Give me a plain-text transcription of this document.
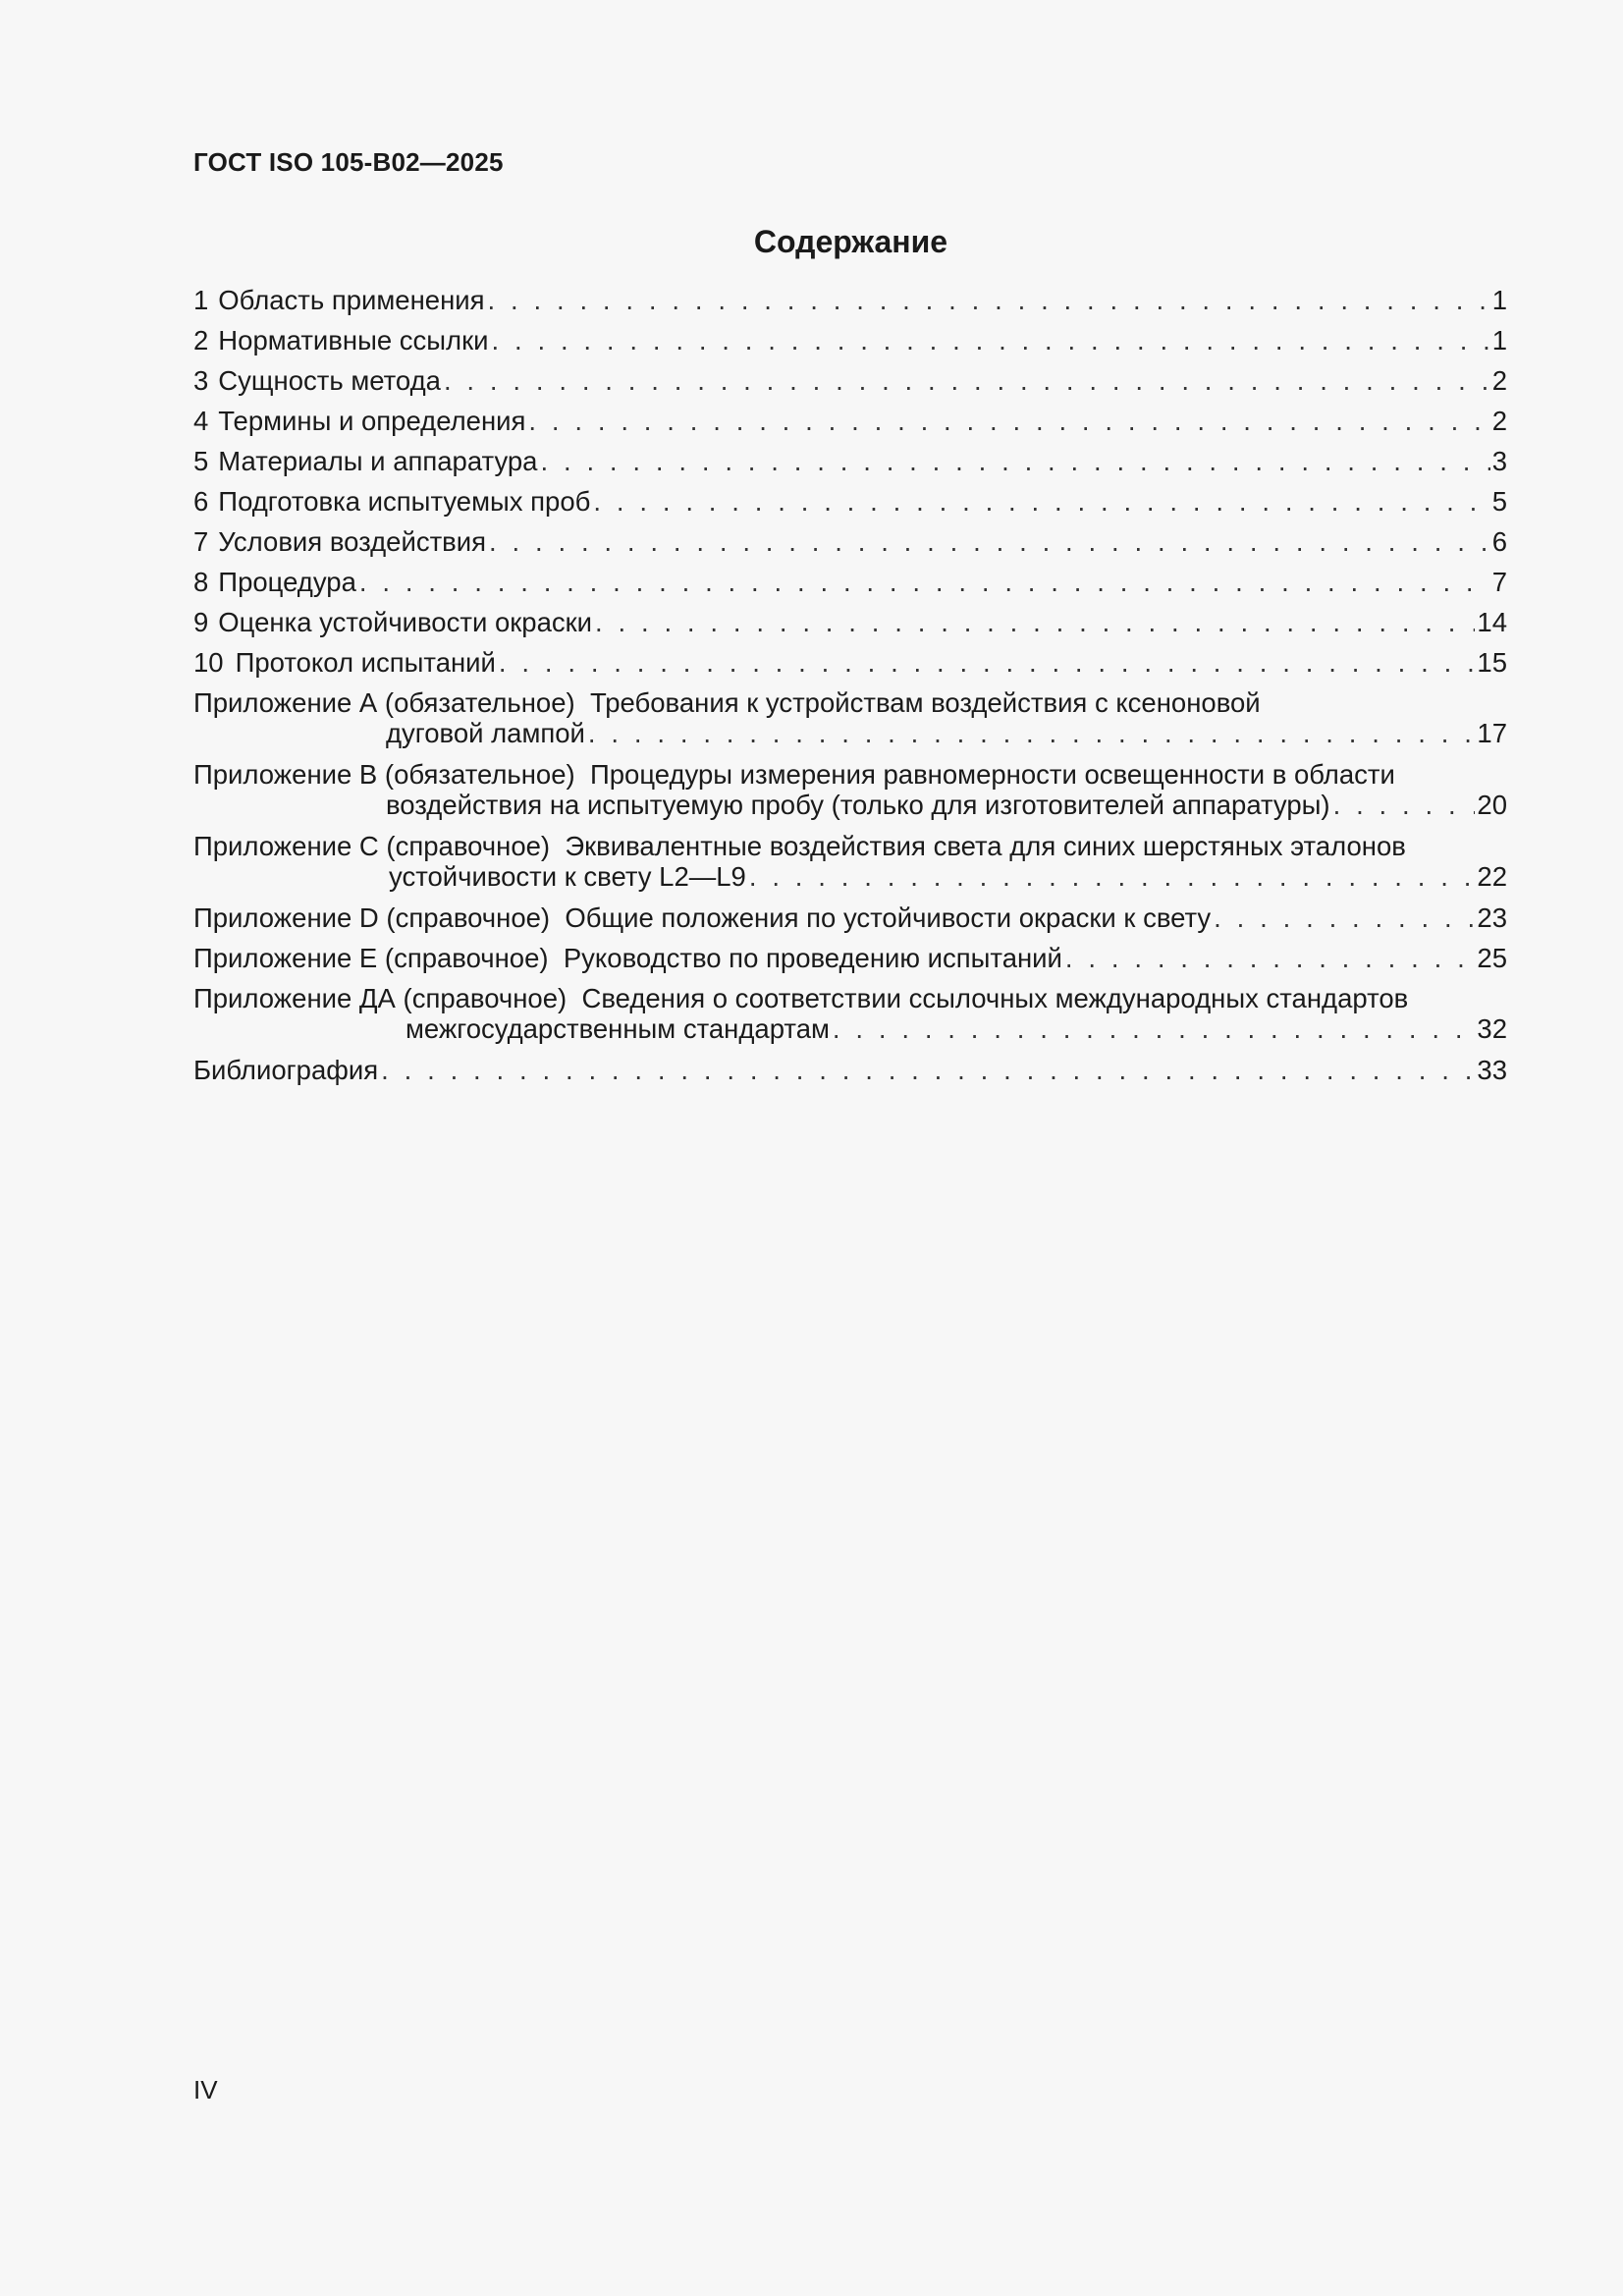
ГОСТ ISO 105-B02—2025
Содержание
1 Область применения . . .	1
2 Нормативные ссылки . . .	1
3 Сущность метода . . .	2
4 Термины и определения . . .	2
5 Материалы и аппаратура . . .	3
6 Подготовка испытуемых проб . . .	5
7 Условия воздействия . . .	6
8 Процедура . . .	7
9 Оценка устойчивости окраски . . .	14
10 Протокол испытаний . . .	15
Приложение А (обязательное) Требования к устройствам воздействия с ксеноновой
дуговой лампой . . .	17
Приложение В (обязательное) Процедуры измерения равномерности освещенности в области
воздействия на испытуемую пробу (только для изготовителей аппаратуры) . . .	20
Приложение С (справочное) Эквивалентные воздействия света для синих шерстяных эталонов
устойчивости к свету L2—L9 . . .	22
Приложение D (справочное) Общие положения по устойчивости окраски к свету . . .	23
Приложение Е (справочное) Руководство по проведению испытаний . . .	25
Приложение ДА (справочное) Сведения о соответствии ссылочных международных стандартов
межгосударственным стандартам . . .	32
Библиография . . .	33
IV
